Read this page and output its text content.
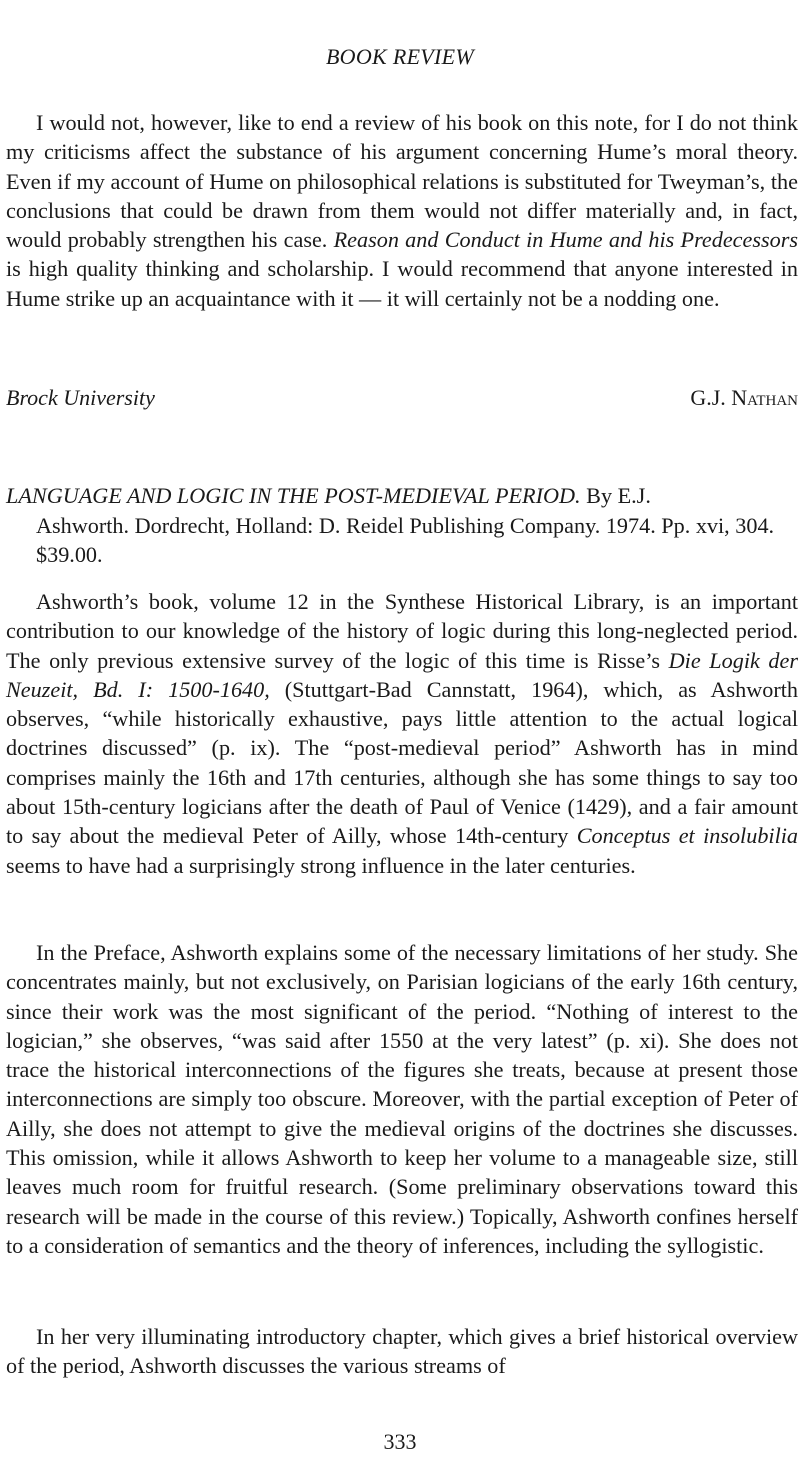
BOOK REVIEW

I would not, however, like to end a review of his book on this note, for I do not think my criticisms affect the substance of his argument concerning Hume’s moral theory. Even if my account of Hume on philosophical relations is substituted for Tweyman’s, the conclusions that could be drawn from them would not differ materially and, in fact, would probably strengthen his case. Reason and Conduct in Hume and his Predecessors is high quality thinking and scholarship. I would recommend that anyone interested in Hume strike up an acquaintance with it — it will certainly not be a nodding one.

Brock University	G.J. Nathan

LANGUAGE AND LOGIC IN THE POST-MEDIEVAL PERIOD. By E.J.
Ashworth. Dordrecht, Holland: D. Reidel Publishing Company. 1974. Pp. xvi, 304. $39.00.

Ashworth’s book, volume 12 in the Synthese Historical Library, is an important contribution to our knowledge of the history of logic during this long-neglected period. The only previous extensive survey of the logic of this time is Risse’s Die Logik der Neuzeit, Bd. I: 1500-1640, (Stuttgart-Bad Cannstatt, 1964), which, as Ashworth observes, “while historically exhaustive, pays little attention to the actual logical doctrines discussed” (p. ix). The “post-medieval period” Ashworth has in mind comprises mainly the 16th and 17th centuries, although she has some things to say too about 15th-century logicians after the death of Paul of Venice (1429), and a fair amount to say about the medieval Peter of Ailly, whose 14th-century Conceptus et insolubilia seems to have had a surprisingly strong influence in the later centuries.

In the Preface, Ashworth explains some of the necessary limitations of her study. She concentrates mainly, but not exclusively, on Parisian logicians of the early 16th century, since their work was the most significant of the period. “Nothing of interest to the logician,” she observes, “was said after 1550 at the very latest” (p. xi). She does not trace the historical interconnections of the figures she treats, because at present those interconnections are simply too obscure. Moreover, with the partial exception of Peter of Ailly, she does not attempt to give the medieval origins of the doctrines she discusses. This omission, while it allows Ashworth to keep her volume to a manageable size, still leaves much room for fruitful research. (Some preliminary observations toward this research will be made in the course of this review.) Topically, Ashworth confines herself to a consideration of semantics and the theory of inferences, including the syllogistic.

In her very illuminating introductory chapter, which gives a brief historical overview of the period, Ashworth discusses the various streams of

333
